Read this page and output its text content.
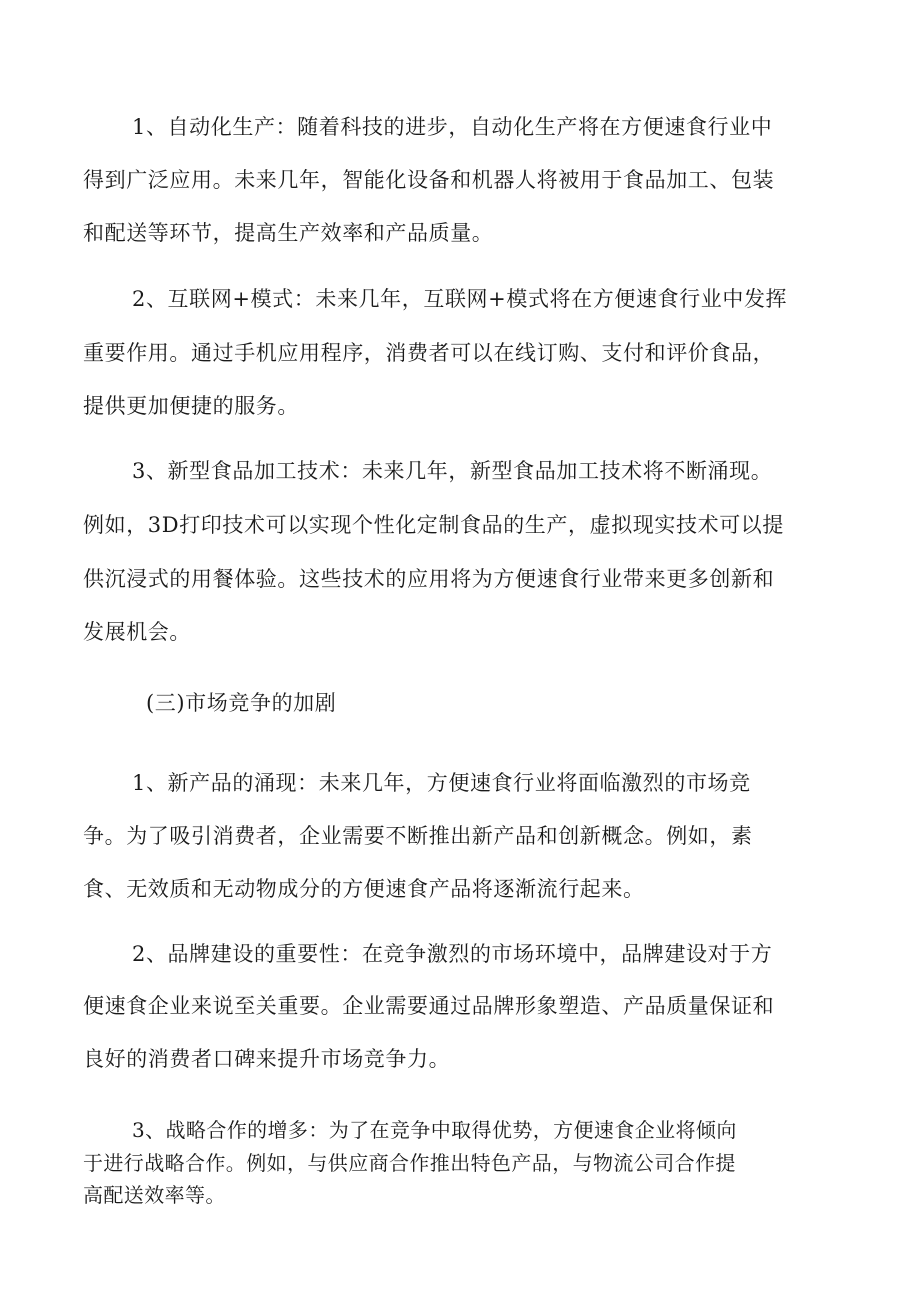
1、自动化生产：随着科技的进步，自动化生产将在方便速食行业中
得到广泛应用。未来几年，智能化设备和机器人将被用于食品加工、包装
和配送等环节，提高生产效率和产品质量。
2、互联网+模式：未来几年，互联网+模式将在方便速食行业中发挥
重要作用。通过手机应用程序，消费者可以在线订购、支付和评价食品，
提供更加便捷的服务。
3、新型食品加工技术：未来几年，新型食品加工技术将不断涌现。
例如，3D打印技术可以实现个性化定制食品的生产，虚拟现实技术可以提
供沉浸式的用餐体验。这些技术的应用将为方便速食行业带来更多创新和
发展机会。
(三)市场竞争的加剧
1、新产品的涌现：未来几年，方便速食行业将面临激烈的市场竞
争。为了吸引消费者，企业需要不断推出新产品和创新概念。例如，素
食、无效质和无动物成分的方便速食产品将逐渐流行起来。
2、品牌建设的重要性：在竞争激烈的市场环境中，品牌建设对于方
便速食企业来说至关重要。企业需要通过品牌形象塑造、产品质量保证和
良好的消费者口碑来提升市场竞争力。
3、战略合作的增多：为了在竞争中取得优势，方便速食企业将倾向
于进行战略合作。例如，与供应商合作推出特色产品，与物流公司合作提
高配送效率等。
